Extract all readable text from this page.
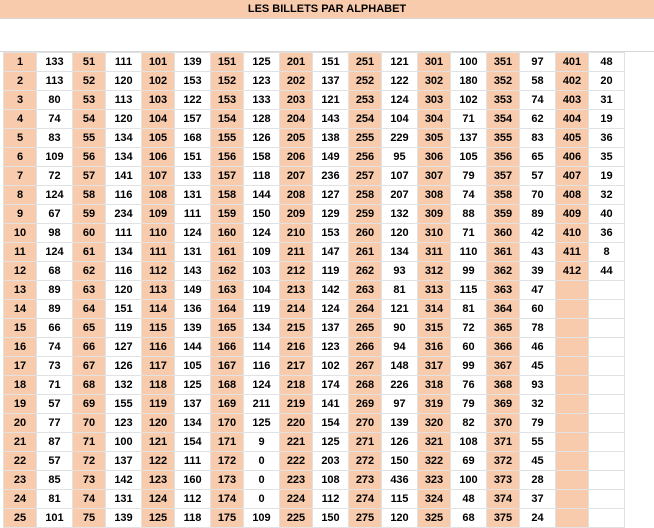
LES BILLETS PAR ALPHABET
1	133	51	111	101	139	151	125	201	151	251	121	301	100	351	97	401	48
2	113	52	120	102	153	152	123	202	137	252	122	302	180	352	58	402	20
3	80	53	113	103	122	153	133	203	121	253	124	303	102	353	74	403	31
4	74	54	120	104	157	154	128	204	143	254	104	304	71	354	62	404	19
5	83	55	134	105	168	155	126	205	138	255	229	305	137	355	83	405	36
6	109	56	134	106	151	156	158	206	149	256	95	306	105	356	65	406	35
7	72	57	141	107	133	157	118	207	236	257	107	307	79	357	57	407	19
8	124	58	116	108	131	158	144	208	127	258	207	308	74	358	70	408	32
9	67	59	234	109	111	159	150	209	129	259	132	309	88	359	89	409	40
10	98	60	111	110	124	160	124	210	153	260	120	310	71	360	42	410	36
11	124	61	134	111	131	161	109	211	147	261	134	311	110	361	43	411	8
12	68	62	116	112	143	162	103	212	119	262	93	312	99	362	39	412	44
13	89	63	120	113	149	163	104	213	142	263	81	313	115	363	47		
14	89	64	151	114	136	164	119	214	124	264	121	314	81	364	60		
15	66	65	119	115	139	165	134	215	137	265	90	315	72	365	78		
16	74	66	127	116	144	166	114	216	123	266	94	316	60	366	46		
17	73	67	126	117	105	167	116	217	102	267	148	317	99	367	45		
18	71	68	132	118	125	168	124	218	174	268	226	318	76	368	93		
19	57	69	155	119	137	169	211	219	141	269	97	319	79	369	32		
20	77	70	123	120	134	170	125	220	154	270	139	320	82	370	79		
21	87	71	100	121	154	171	9	221	125	271	126	321	108	371	55		
22	57	72	137	122	111	172	0	222	203	272	150	322	69	372	45		
23	85	73	142	123	160	173	0	223	108	273	436	323	100	373	28		
24	81	74	131	124	112	174	0	224	112	274	115	324	48	374	37		
25	101	75	139	125	118	175	109	225	150	275	120	325	68	375	24		
